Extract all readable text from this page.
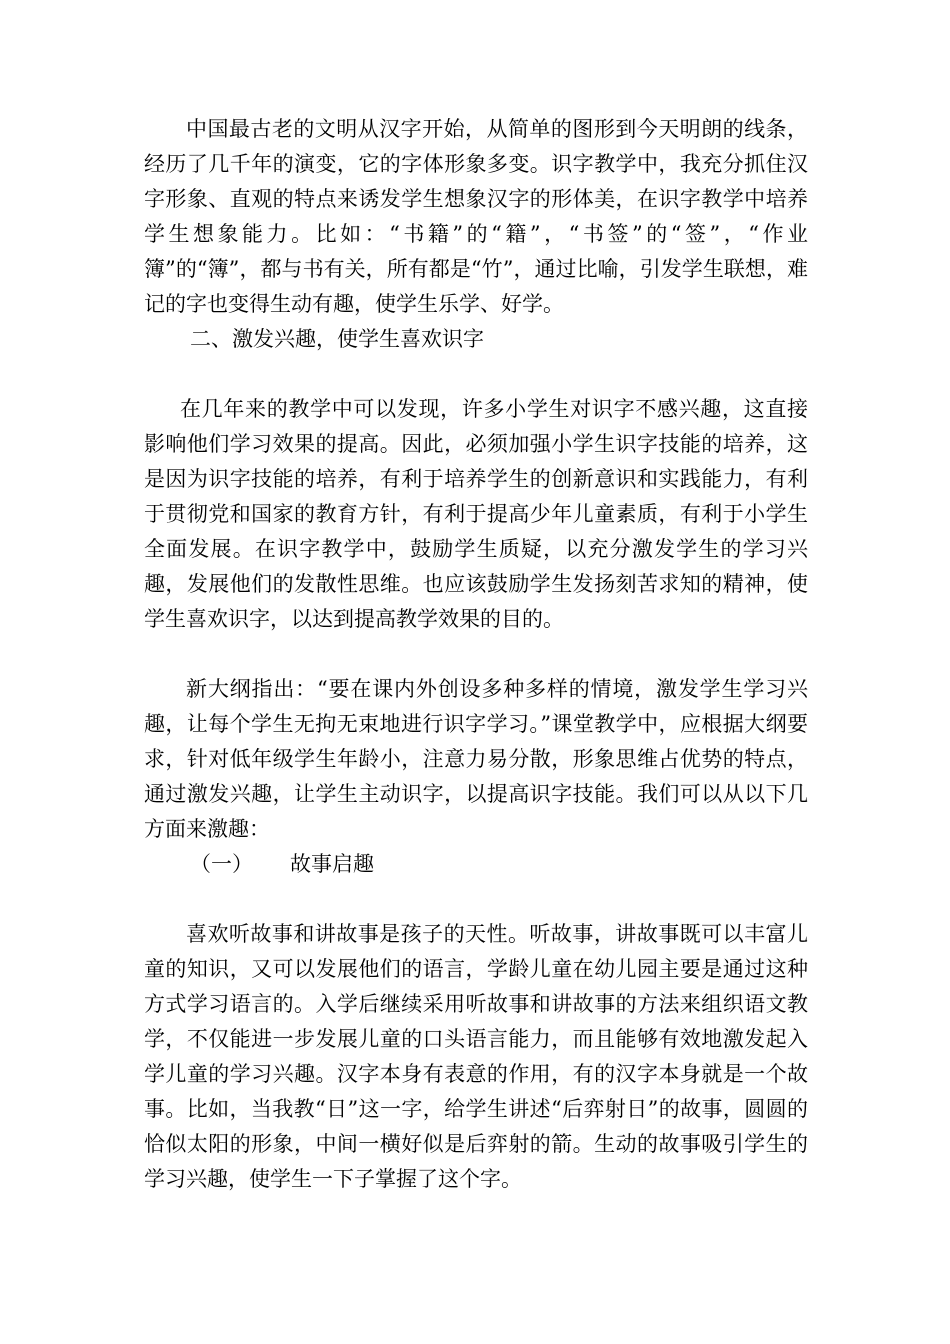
中国最古老的文明从汉字开始，从简单的图形到今天明朗的线条，经历了几千年的演变，它的字体形象多变。识字教学中，我充分抓住汉字形象、直观的特点来诱发学生想象汉字的形体美，在识字教学中培养学生想象能力。比如：“书籍”的“籍”，“书签”的“签”，“作业簿”的“簿”，都与书有关，所有都是“竹”，通过比喻，引发学生联想，难记的字也变得生动有趣，使学生乐学、好学。

二、激发兴趣，使学生喜欢识字

在几年来的教学中可以发现，许多小学生对识字不感兴趣，这直接影响他们学习效果的提高。因此，必须加强小学生识字技能的培养，这是因为识字技能的培养，有利于培养学生的创新意识和实践能力，有利于贯彻党和国家的教育方针，有利于提高少年儿童素质，有利于小学生全面发展。在识字教学中，鼓励学生质疑，以充分激发学生的学习兴趣，发展他们的发散性思维。也应该鼓励学生发扬刻苦求知的精神，使学生喜欢识字，以达到提高教学效果的目的。

新大纲指出：“要在课内外创设多种多样的情境，激发学生学习兴趣，让每个学生无拘无束地进行识字学习。”课堂教学中，应根据大纲要求，针对低年级学生年龄小，注意力易分散，形象思维占优势的特点，通过激发兴趣，让学生主动识字，以提高识字技能。我们可以从以下几方面来激趣：

（一） 故事启趣

喜欢听故事和讲故事是孩子的天性。听故事，讲故事既可以丰富儿童的知识，又可以发展他们的语言，学龄儿童在幼儿园主要是通过这种方式学习语言的。入学后继续采用听故事和讲故事的方法来组织语文教学，不仅能进一步发展儿童的口头语言能力，而且能够有效地激发起入学儿童的学习兴趣。汉字本身有表意的作用，有的汉字本身就是一个故事。比如，当我教“日”这一字，给学生讲述“后弈射日”的故事，圆圆的恰似太阳的形象，中间一横好似是后弈射的箭。生动的故事吸引学生的学习兴趣，使学生一下子掌握了这个字。
